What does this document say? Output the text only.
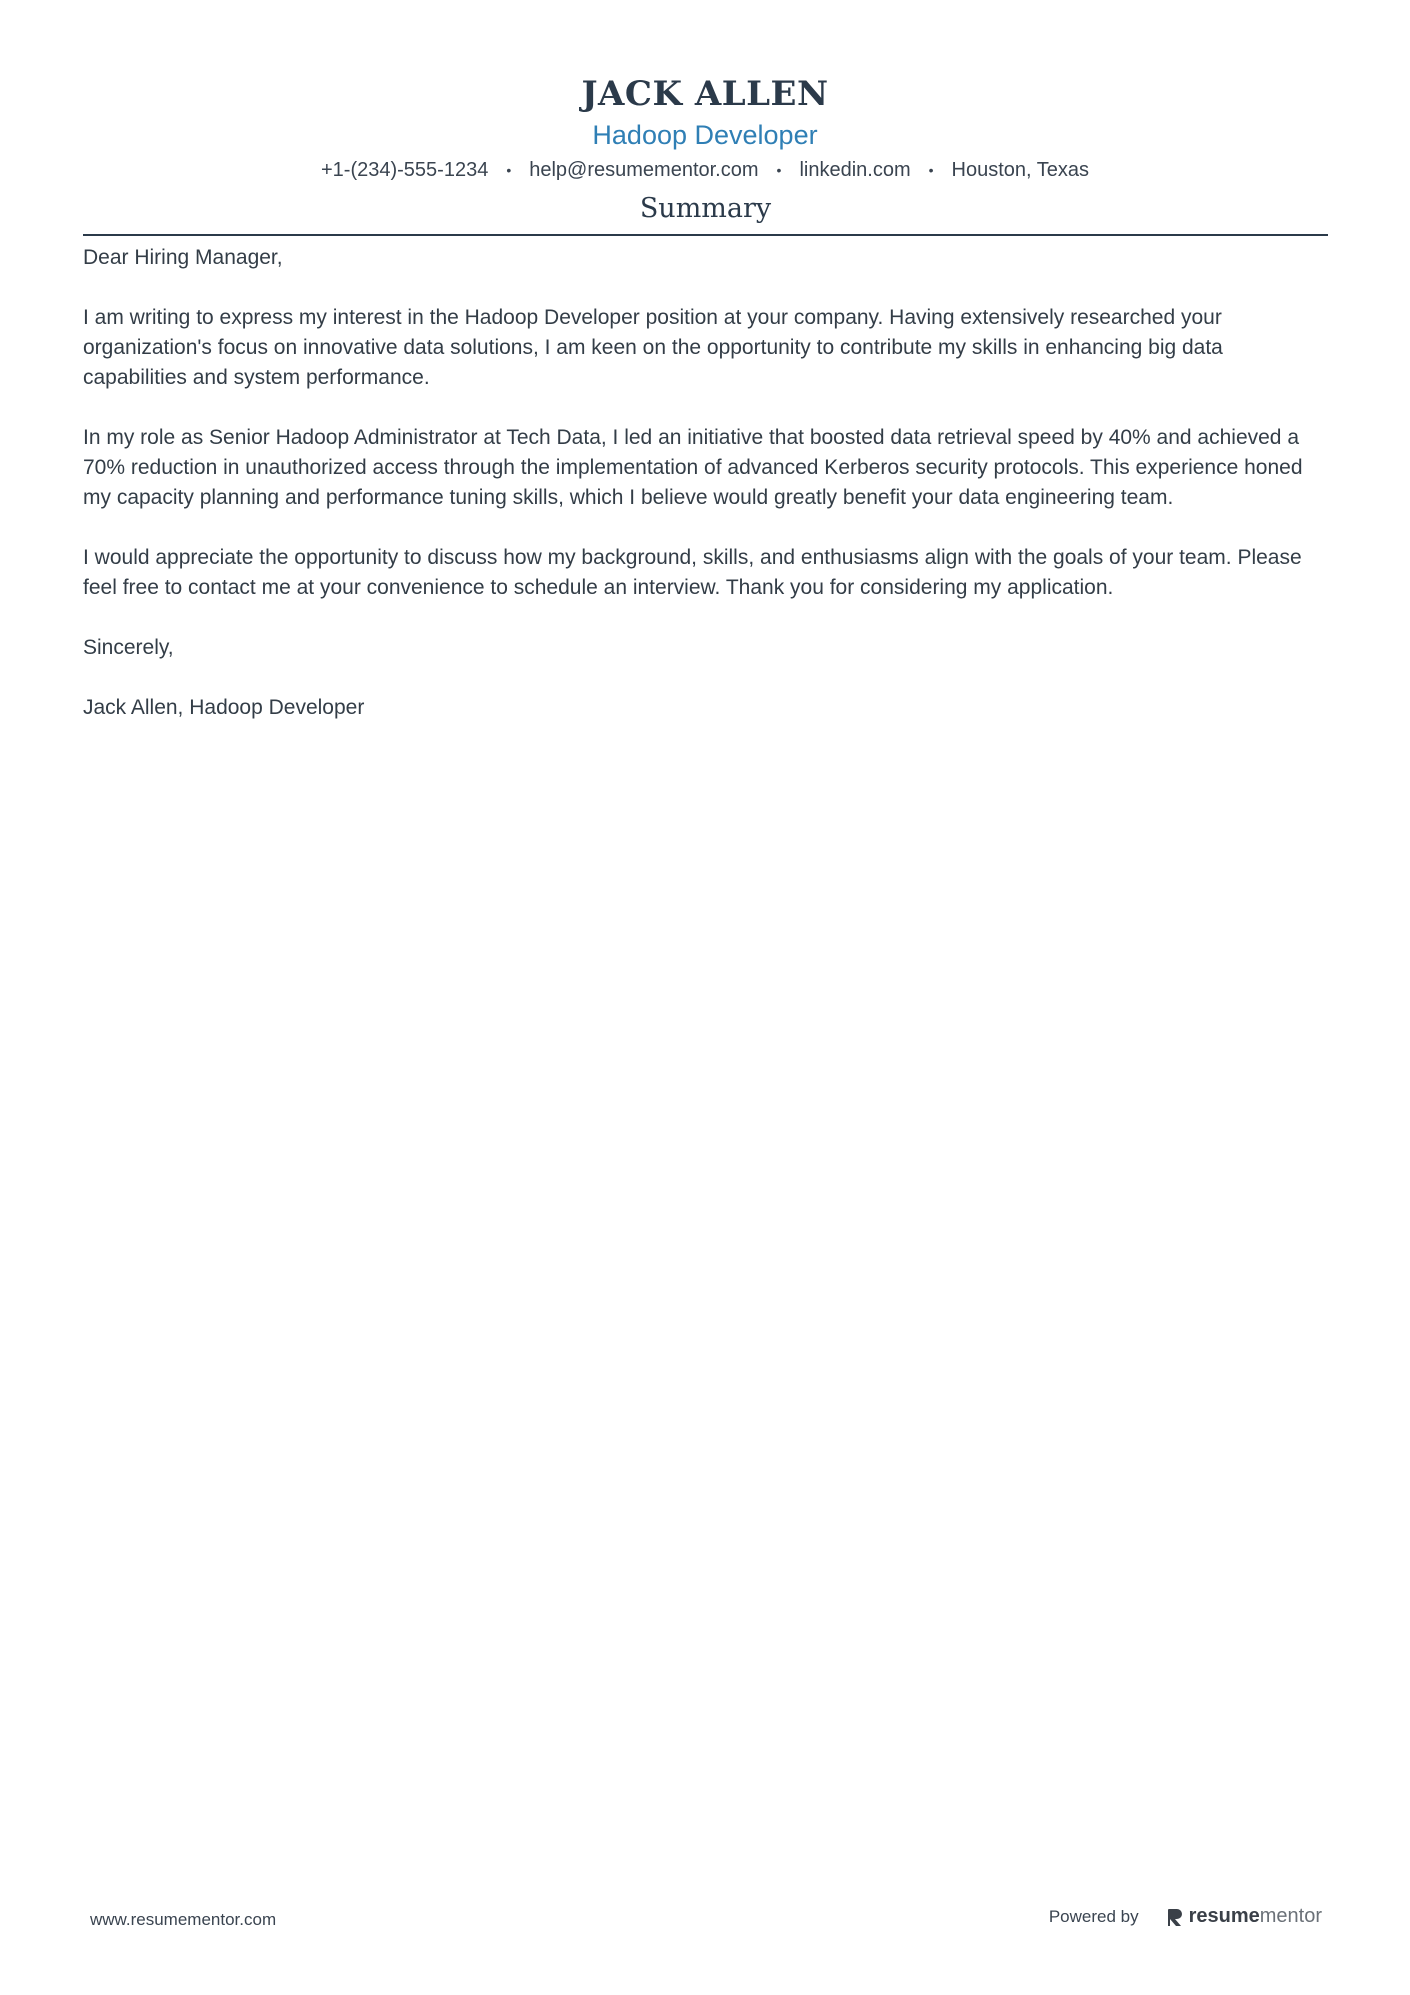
JACK ALLEN
Hadoop Developer
+1-(234)-555-1234 • help@resumementor.com • linkedin.com • Houston, Texas
Summary

Dear Hiring Manager,

I am writing to express my interest in the Hadoop Developer position at your company. Having extensively researched your organization's focus on innovative data solutions, I am keen on the opportunity to contribute my skills in enhancing big data capabilities and system performance.

In my role as Senior Hadoop Administrator at Tech Data, I led an initiative that boosted data retrieval speed by 40% and achieved a 70% reduction in unauthorized access through the implementation of advanced Kerberos security protocols. This experience honed my capacity planning and performance tuning skills, which I believe would greatly benefit your data engineering team.

I would appreciate the opportunity to discuss how my background, skills, and enthusiasms align with the goals of your team. Please feel free to contact me at your convenience to schedule an interview. Thank you for considering my application.

Sincerely,

Jack Allen, Hadoop Developer

www.resumementor.com	Powered by	resume mentor
